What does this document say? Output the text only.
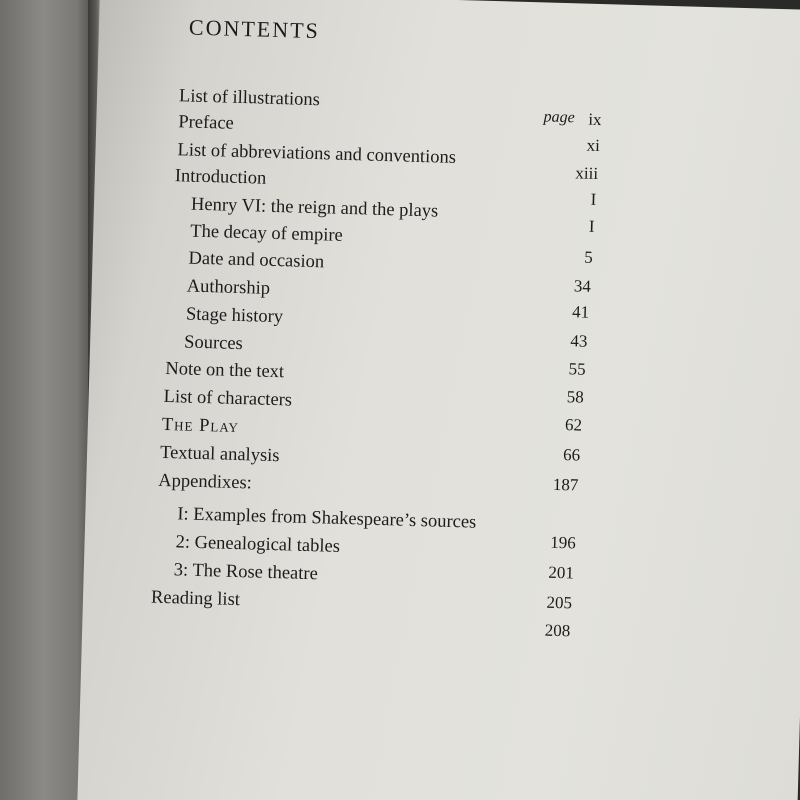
CONTENTS
page
List of illustrations
Preface
List of abbreviations and conventions
Introduction
Henry VI: the reign and the plays
The decay of empire
Date and occasion
Authorship
Stage history
Sources
Note on the text
List of characters
The Play
Textual analysis
Appendixes:
I: Examples from Shakespeare’s sources
2: Genealogical tables
3: The Rose theatre
Reading list
ix
xi
xiii
I
I
5
34
41
43
55
58
62
66
187
196
201
205
208
